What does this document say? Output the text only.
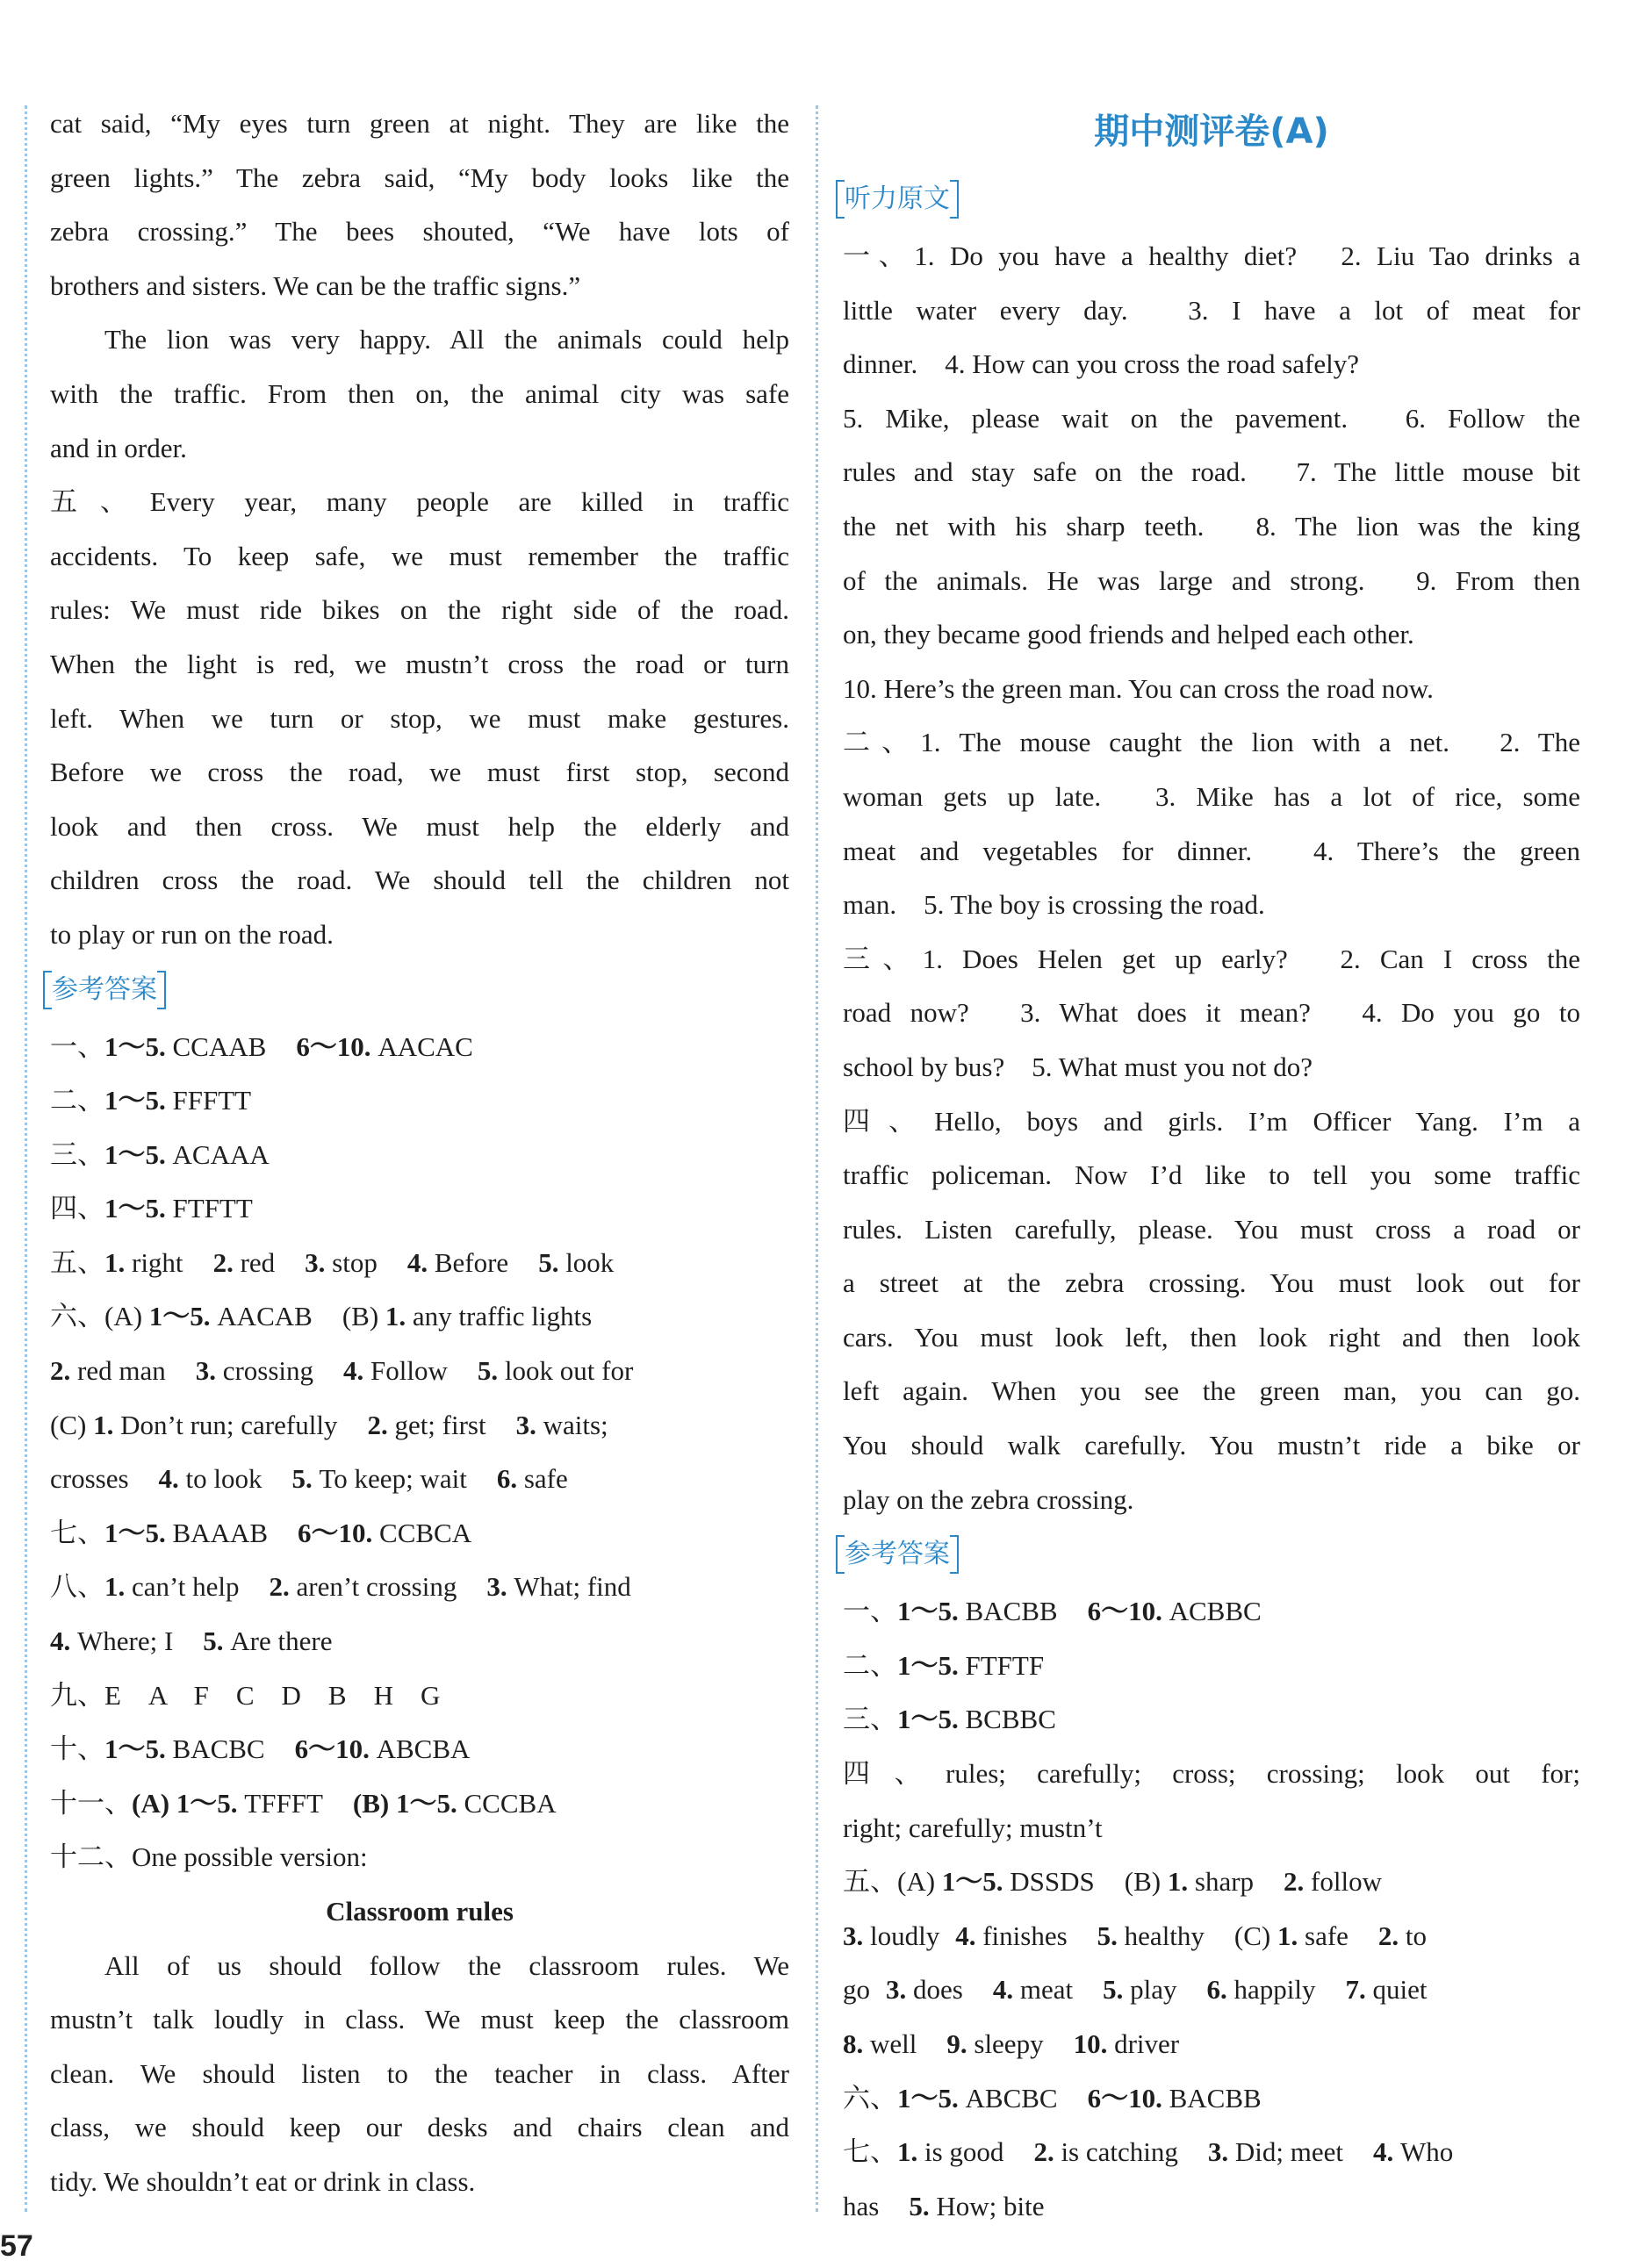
cat said, “My eyes turn green at night. They are like the
green lights.” The zebra said, “My body looks like the
zebra crossing.” The bees shouted, “We have lots of
brothers and sisters. We can be the traffic signs.”
The lion was very happy. All the animals could help
with the traffic. From then on, the animal city was safe
and in order.
五、Every year, many people are killed in traffic
accidents. To keep safe, we must remember the traffic
rules: We must ride bikes on the right side of the road.
When the light is red, we mustn’t cross the road or turn
left. When we turn or stop, we must make gestures.
Before we cross the road, we must first stop, second
look and then cross. We must help the elderly and
children cross the road. We should tell the children not
to play or run on the road.
参考答案
一、1～5. CCAAB 6～10. AACAC
二、1～5. FFFTT
三、1～5. ACAAA
四、1～5. FTFTT
五、1. right 2. red 3. stop 4. Before 5. look
六、(A) 1～5. AACAB (B) 1. any traffic lights
2. red man 3. crossing 4. Follow 5. look out for
(C) 1. Don’t run; carefully 2. get; first 3. waits;
crosses 4. to look 5. To keep; wait 6. safe
七、1～5. BAAAB 6～10. CCBCA
八、1. can’t help 2. aren’t crossing 3. What; find
4. Where; I 5. Are there
九、E　A　F　C　D　B　H　G
十、1～5. BACBC 6～10. ABCBA
十一、(A) 1～5. TFFFT (B) 1～5. CCCBA
十二、One possible version:
Classroom rules
All of us should follow the classroom rules. We
mustn’t talk loudly in class. We must keep the classroom
clean. We should listen to the teacher in class. After
class, we should keep our desks and chairs clean and
tidy. We shouldn’t eat or drink in class.
期中测评卷(A)
听力原文
一、1. Do you have a healthy diet?　2. Liu Tao drinks a
little water every day.　3. I have a lot of meat for
dinner.　4. How can you cross the road safely?
5. Mike, please wait on the pavement.　6. Follow the
rules and stay safe on the road.　7. The little mouse bit
the net with his sharp teeth.　8. The lion was the king
of the animals. He was large and strong.　9. From then
on, they became good friends and helped each other.
10. Here’s the green man. You can cross the road now.
二、1. The mouse caught the lion with a net.　2. The
woman gets up late.　3. Mike has a lot of rice, some
meat and vegetables for dinner.　4. There’s the green
man.　5. The boy is crossing the road.
三、1. Does Helen get up early?　2. Can I cross the
road now?　3. What does it mean?　4. Do you go to
school by bus?　5. What must you not do?
四、Hello, boys and girls. I’m Officer Yang. I’m a
traffic policeman. Now I’d like to tell you some traffic
rules. Listen carefully, please. You must cross a road or
a street at the zebra crossing. You must look out for
cars. You must look left, then look right and then look
left again. When you see the green man, you can go.
You should walk carefully. You mustn’t ride a bike or
play on the zebra crossing.
参考答案
一、1～5. BACBB 6～10. ACBBC
二、1～5. FTFTF
三、1～5. BCBBC
四、rules; carefully; cross; crossing; look out for;
right; carefully; mustn’t
五、(A) 1～5. DSSDS (B) 1. sharp 2. follow
3. loudly 4. finishes 5. healthy (C) 1. safe 2. to
go 3. does 4. meat 5. play 6. happily 7. quiet
8. well 9. sleepy 10. driver
六、1～5. ABCBC 6～10. BACBB
七、1. is good 2. is catching 3. Did; meet 4. Who
has 5. How; bite
57
